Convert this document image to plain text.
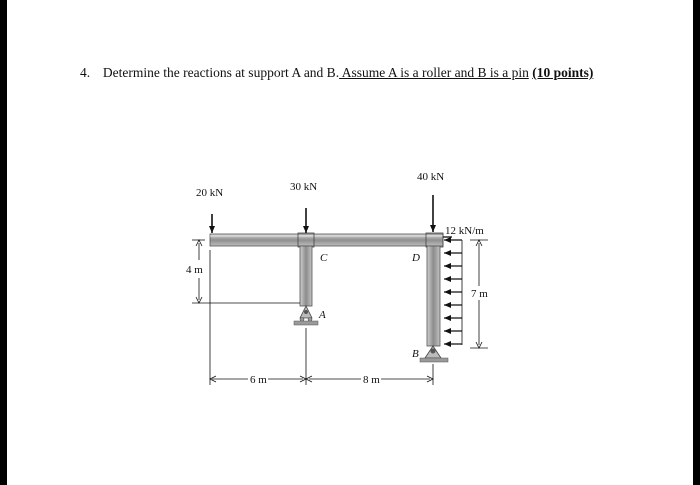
4. Determine the reactions at support A and B. Assume A is a roller and B is a pin (10 points)
20 kN	30 kN
40 kN
12 kN/m
C	D
A
B
4 m
7 m
6 m	8 m
